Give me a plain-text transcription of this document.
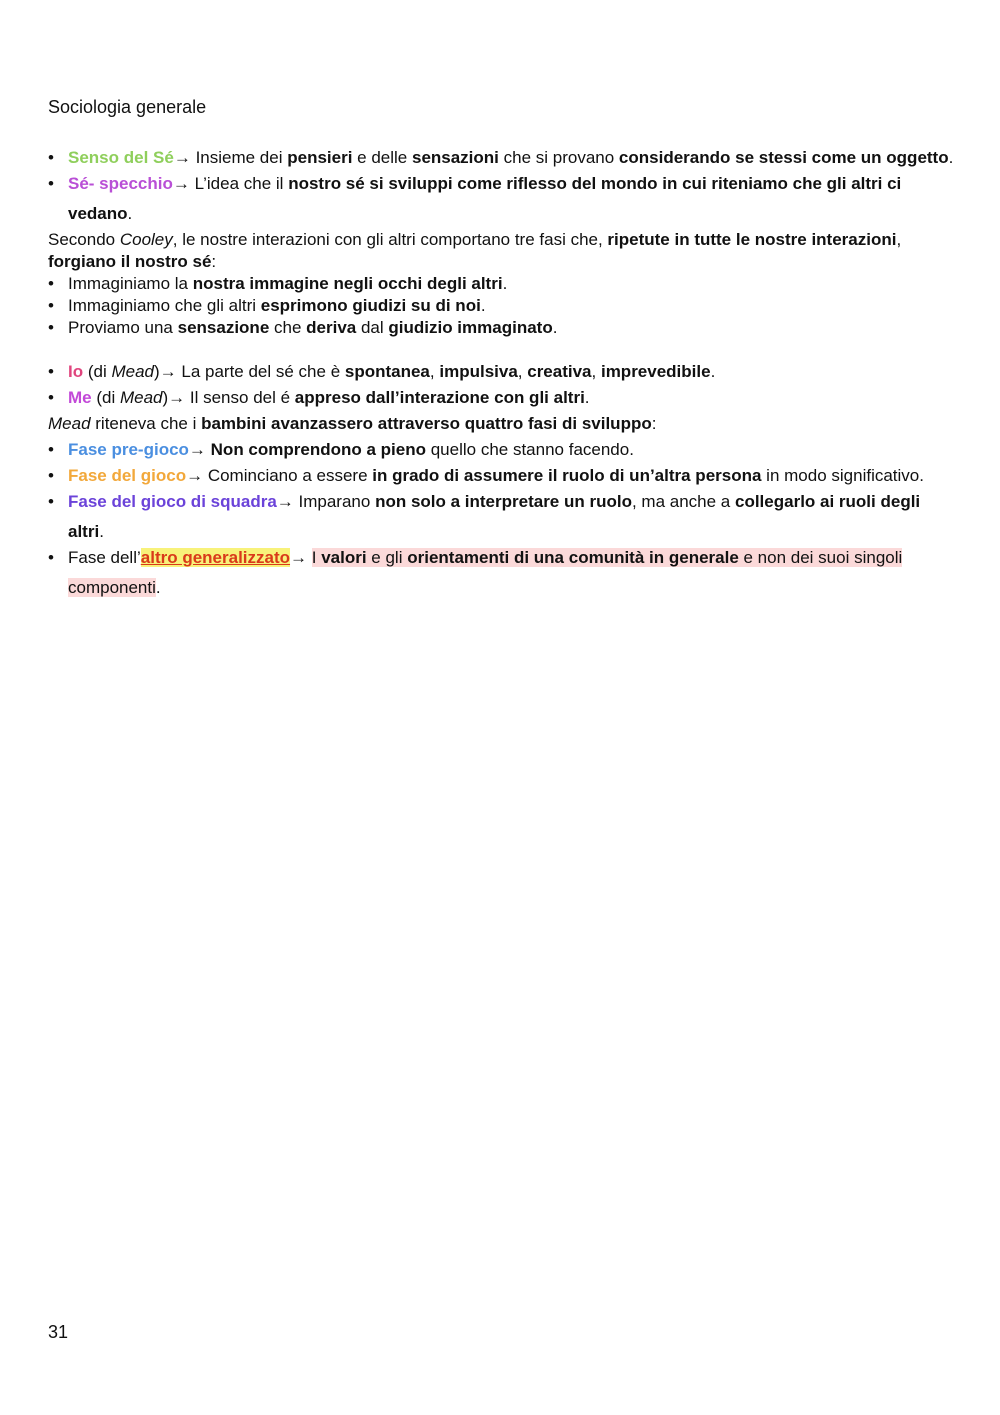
Sociologia generale
• Senso del Sé→ Insieme dei pensieri e delle sensazioni che si provano considerando se stessi come un oggetto.
• Sé- specchio→ L’idea che il nostro sé si sviluppi come riflesso del mondo in cui riteniamo che gli altri ci vedano.

Secondo Cooley, le nostre interazioni con gli altri comportano tre fasi che, ripetute in tutte le nostre interazioni, forgiano il nostro sé:

• Immaginiamo la nostra immagine negli occhi degli altri.
• Immaginiamo che gli altri esprimono giudizi su di noi.
• Proviamo una sensazione che deriva dal giudizio immaginato.
• Io (di Mead)→ La parte del sé che è spontanea, impulsiva, creativa, imprevedibile.
• Me (di Mead)→ Il senso del é appreso dall’interazione con gli altri.

Mead riteneva che i bambini avanzassero attraverso quattro fasi di sviluppo:

• Fase pre-gioco→ Non comprendono a pieno quello che stanno facendo.
• Fase del gioco→ Cominciano a essere in grado di assumere il ruolo di un’altra persona in modo significativo.
• Fase del gioco di squadra→ Imparano non solo a interpretare un ruolo, ma anche a collegarlo ai ruoli degli altri.
• Fase dell’altro generalizzato→ I valori e gli orientamenti di una comunità in generale e non dei suoi singoli componenti.
31
